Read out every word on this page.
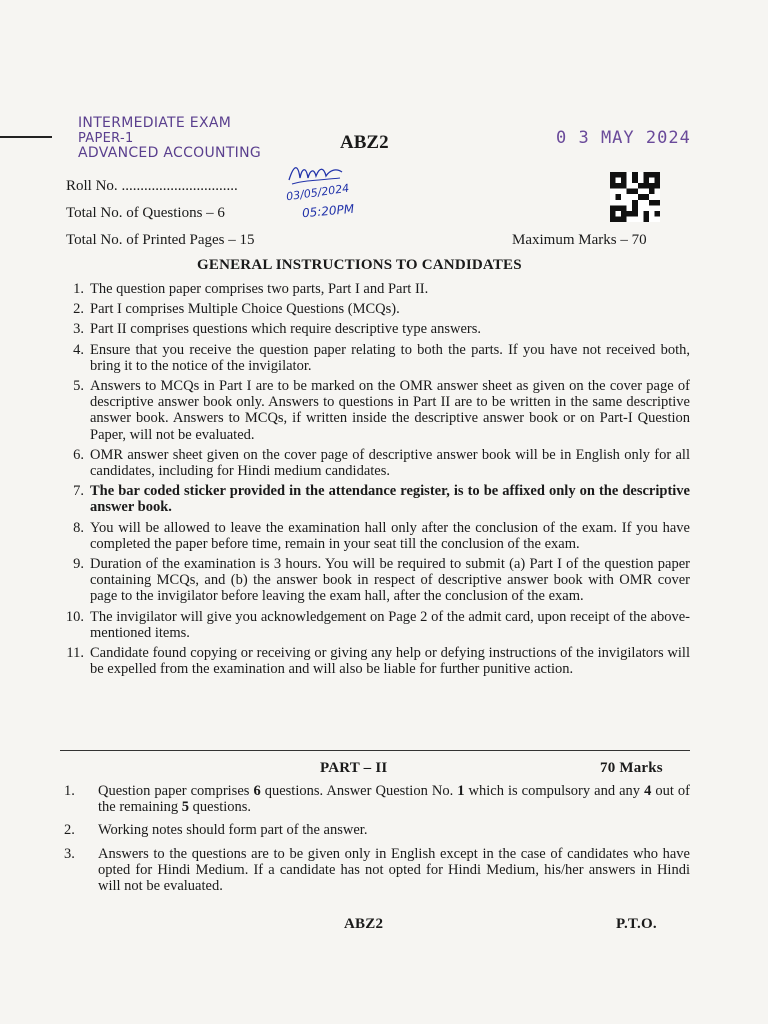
INTERMEDIATE EXAM
PAPER-1
ADVANCED ACCOUNTING	ABZ2	0 3 MAY 2024
03/05/2024
05:20PM
Roll No. ...............................
Total No. of Questions – 6
Total No. of Printed Pages – 15	Maximum Marks – 70
GENERAL INSTRUCTIONS TO CANDIDATES
1. The question paper comprises two parts, Part I and Part II.
2. Part I comprises Multiple Choice Questions (MCQs).
3. Part II comprises questions which require descriptive type answers.
4. Ensure that you receive the question paper relating to both the parts. If you have not received both, bring it to the notice of the invigilator.
5. Answers to MCQs in Part I are to be marked on the OMR answer sheet as given on the cover page of descriptive answer book only. Answers to questions in Part II are to be written in the same descriptive answer book. Answers to MCQs, if written inside the descriptive answer book or on Part-I Question Paper, will not be evaluated.
6. OMR answer sheet given on the cover page of descriptive answer book will be in English only for all candidates, including for Hindi medium candidates.
7. The bar coded sticker provided in the attendance register, is to be affixed only on the descriptive answer book.
8. You will be allowed to leave the examination hall only after the conclusion of the exam. If you have completed the paper before time, remain in your seat till the conclusion of the exam.
9. Duration of the examination is 3 hours. You will be required to submit (a) Part I of the question paper containing MCQs, and (b) the answer book in respect of descriptive answer book with OMR cover page to the invigilator before leaving the exam hall, after the conclusion of the exam.
10. The invigilator will give you acknowledgement on Page 2 of the admit card, upon receipt of the above-mentioned items.
11. Candidate found copying or receiving or giving any help or defying instructions of the invigilators will be expelled from the examination and will also be liable for further punitive action.
PART – II	70 Marks
1.	Question paper comprises 6 questions. Answer Question No. 1 which is compulsory and any 4 out of the remaining 5 questions.
2.	Working notes should form part of the answer.
3.	Answers to the questions are to be given only in English except in the case of candidates who have opted for Hindi Medium. If a candidate has not opted for Hindi Medium, his/her answers in Hindi will not be evaluated.
ABZ2	P.T.O.
